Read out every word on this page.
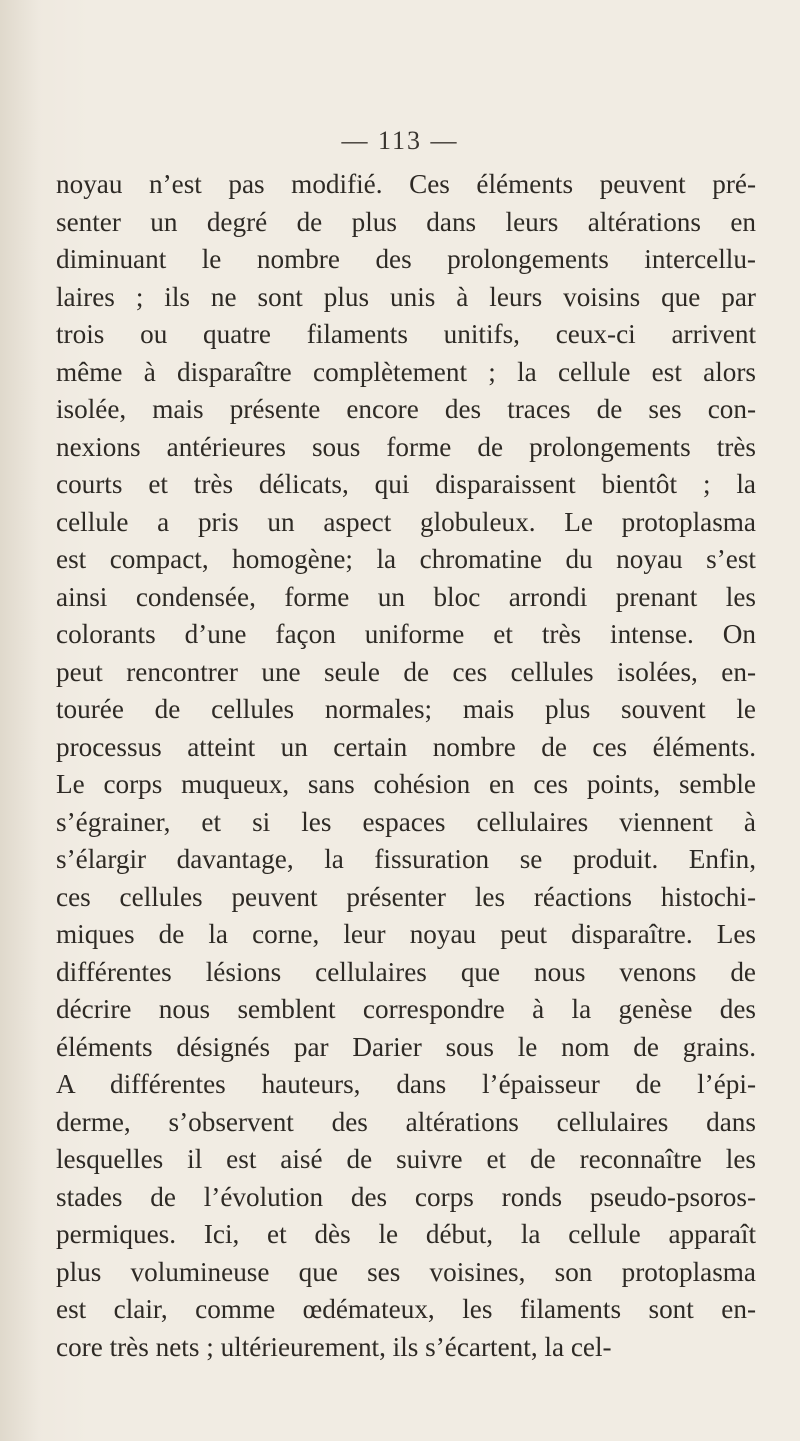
— 113 —
noyau n’est pas modifié. Ces éléments peuvent pré-
senter un degré de plus dans leurs altérations en
diminuant le nombre des prolongements intercellu-
laires ; ils ne sont plus unis à leurs voisins que par
trois ou quatre filaments unitifs, ceux-ci arrivent
même à disparaître complètement ; la cellule est alors
isolée, mais présente encore des traces de ses con-
nexions antérieures sous forme de prolongements très
courts et très délicats, qui disparaissent bientôt ; la
cellule a pris un aspect globuleux. Le protoplasma
est compact, homogène; la chromatine du noyau s’est
ainsi condensée, forme un bloc arrondi prenant les
colorants d’une façon uniforme et très intense. On
peut rencontrer une seule de ces cellules isolées, en-
tourée de cellules normales; mais plus souvent le
processus atteint un certain nombre de ces éléments.
Le corps muqueux, sans cohésion en ces points, semble
s’égrainer, et si les espaces cellulaires viennent à
s’élargir davantage, la fissuration se produit. Enfin,
ces cellules peuvent présenter les réactions histochi-
miques de la corne, leur noyau peut disparaître. Les
différentes lésions cellulaires que nous venons de
décrire nous semblent correspondre à la genèse des
éléments désignés par Darier sous le nom de grains.
A différentes hauteurs, dans l’épaisseur de l’épi-
derme, s’observent des altérations cellulaires dans
lesquelles il est aisé de suivre et de reconnaître les
stades de l’évolution des corps ronds pseudo-psoros-
permiques. Ici, et dès le début, la cellule apparaît
plus volumineuse que ses voisines, son protoplasma
est clair, comme œdémateux, les filaments sont en-
core très nets ; ultérieurement, ils s’écartent, la cel-
